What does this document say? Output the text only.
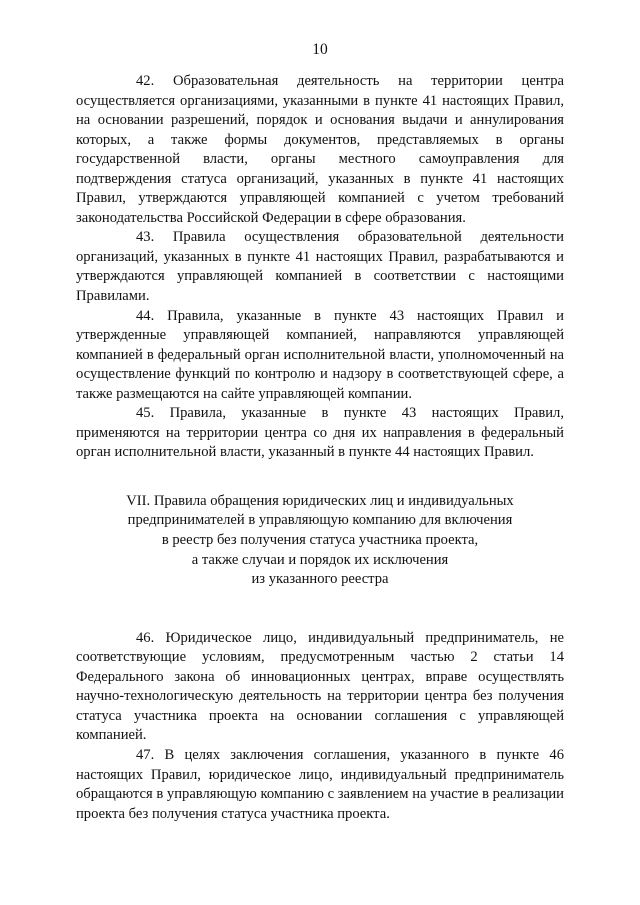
10

42. Образовательная деятельность на территории центра осуществляется организациями, указанными в пункте 41 настоящих Правил, на основании разрешений, порядок и основания выдачи и аннулирования которых, а также формы документов, представляемых в органы государственной власти, органы местного самоуправления для подтверждения статуса организаций, указанных в пункте 41 настоящих Правил, утверждаются управляющей компанией с учетом требований законодательства Российской Федерации в сфере образования.

43. Правила осуществления образовательной деятельности организаций, указанных в пункте 41 настоящих Правил, разрабатываются и утверждаются управляющей компанией в соответствии с настоящими Правилами.

44. Правила, указанные в пункте 43 настоящих Правил и утвержденные управляющей компанией, направляются управляющей компанией в федеральный орган исполнительной власти, уполномоченный на осуществление функций по контролю и надзору в соответствующей сфере, а также размещаются на сайте управляющей компании.

45. Правила, указанные в пункте 43 настоящих Правил, применяются на территории центра со дня их направления в федеральный орган исполнительной власти, указанный в пункте 44 настоящих Правил.

VII. Правила обращения юридических лиц и индивидуальных
предпринимателей в управляющую компанию для включения
в реестр без получения статуса участника проекта,
а также случаи и порядок их исключения
из указанного реестра

46. Юридическое лицо, индивидуальный предприниматель, не соответствующие условиям, предусмотренным частью 2 статьи 14 Федерального закона об инновационных центрах, вправе осуществлять научно-технологическую деятельность на территории центра без получения статуса участника проекта на основании соглашения с управляющей компанией.

47. В целях заключения соглашения, указанного в пункте 46 настоящих Правил, юридическое лицо, индивидуальный предприниматель обращаются в управляющую компанию с заявлением на участие в реализации проекта без получения статуса участника проекта.
